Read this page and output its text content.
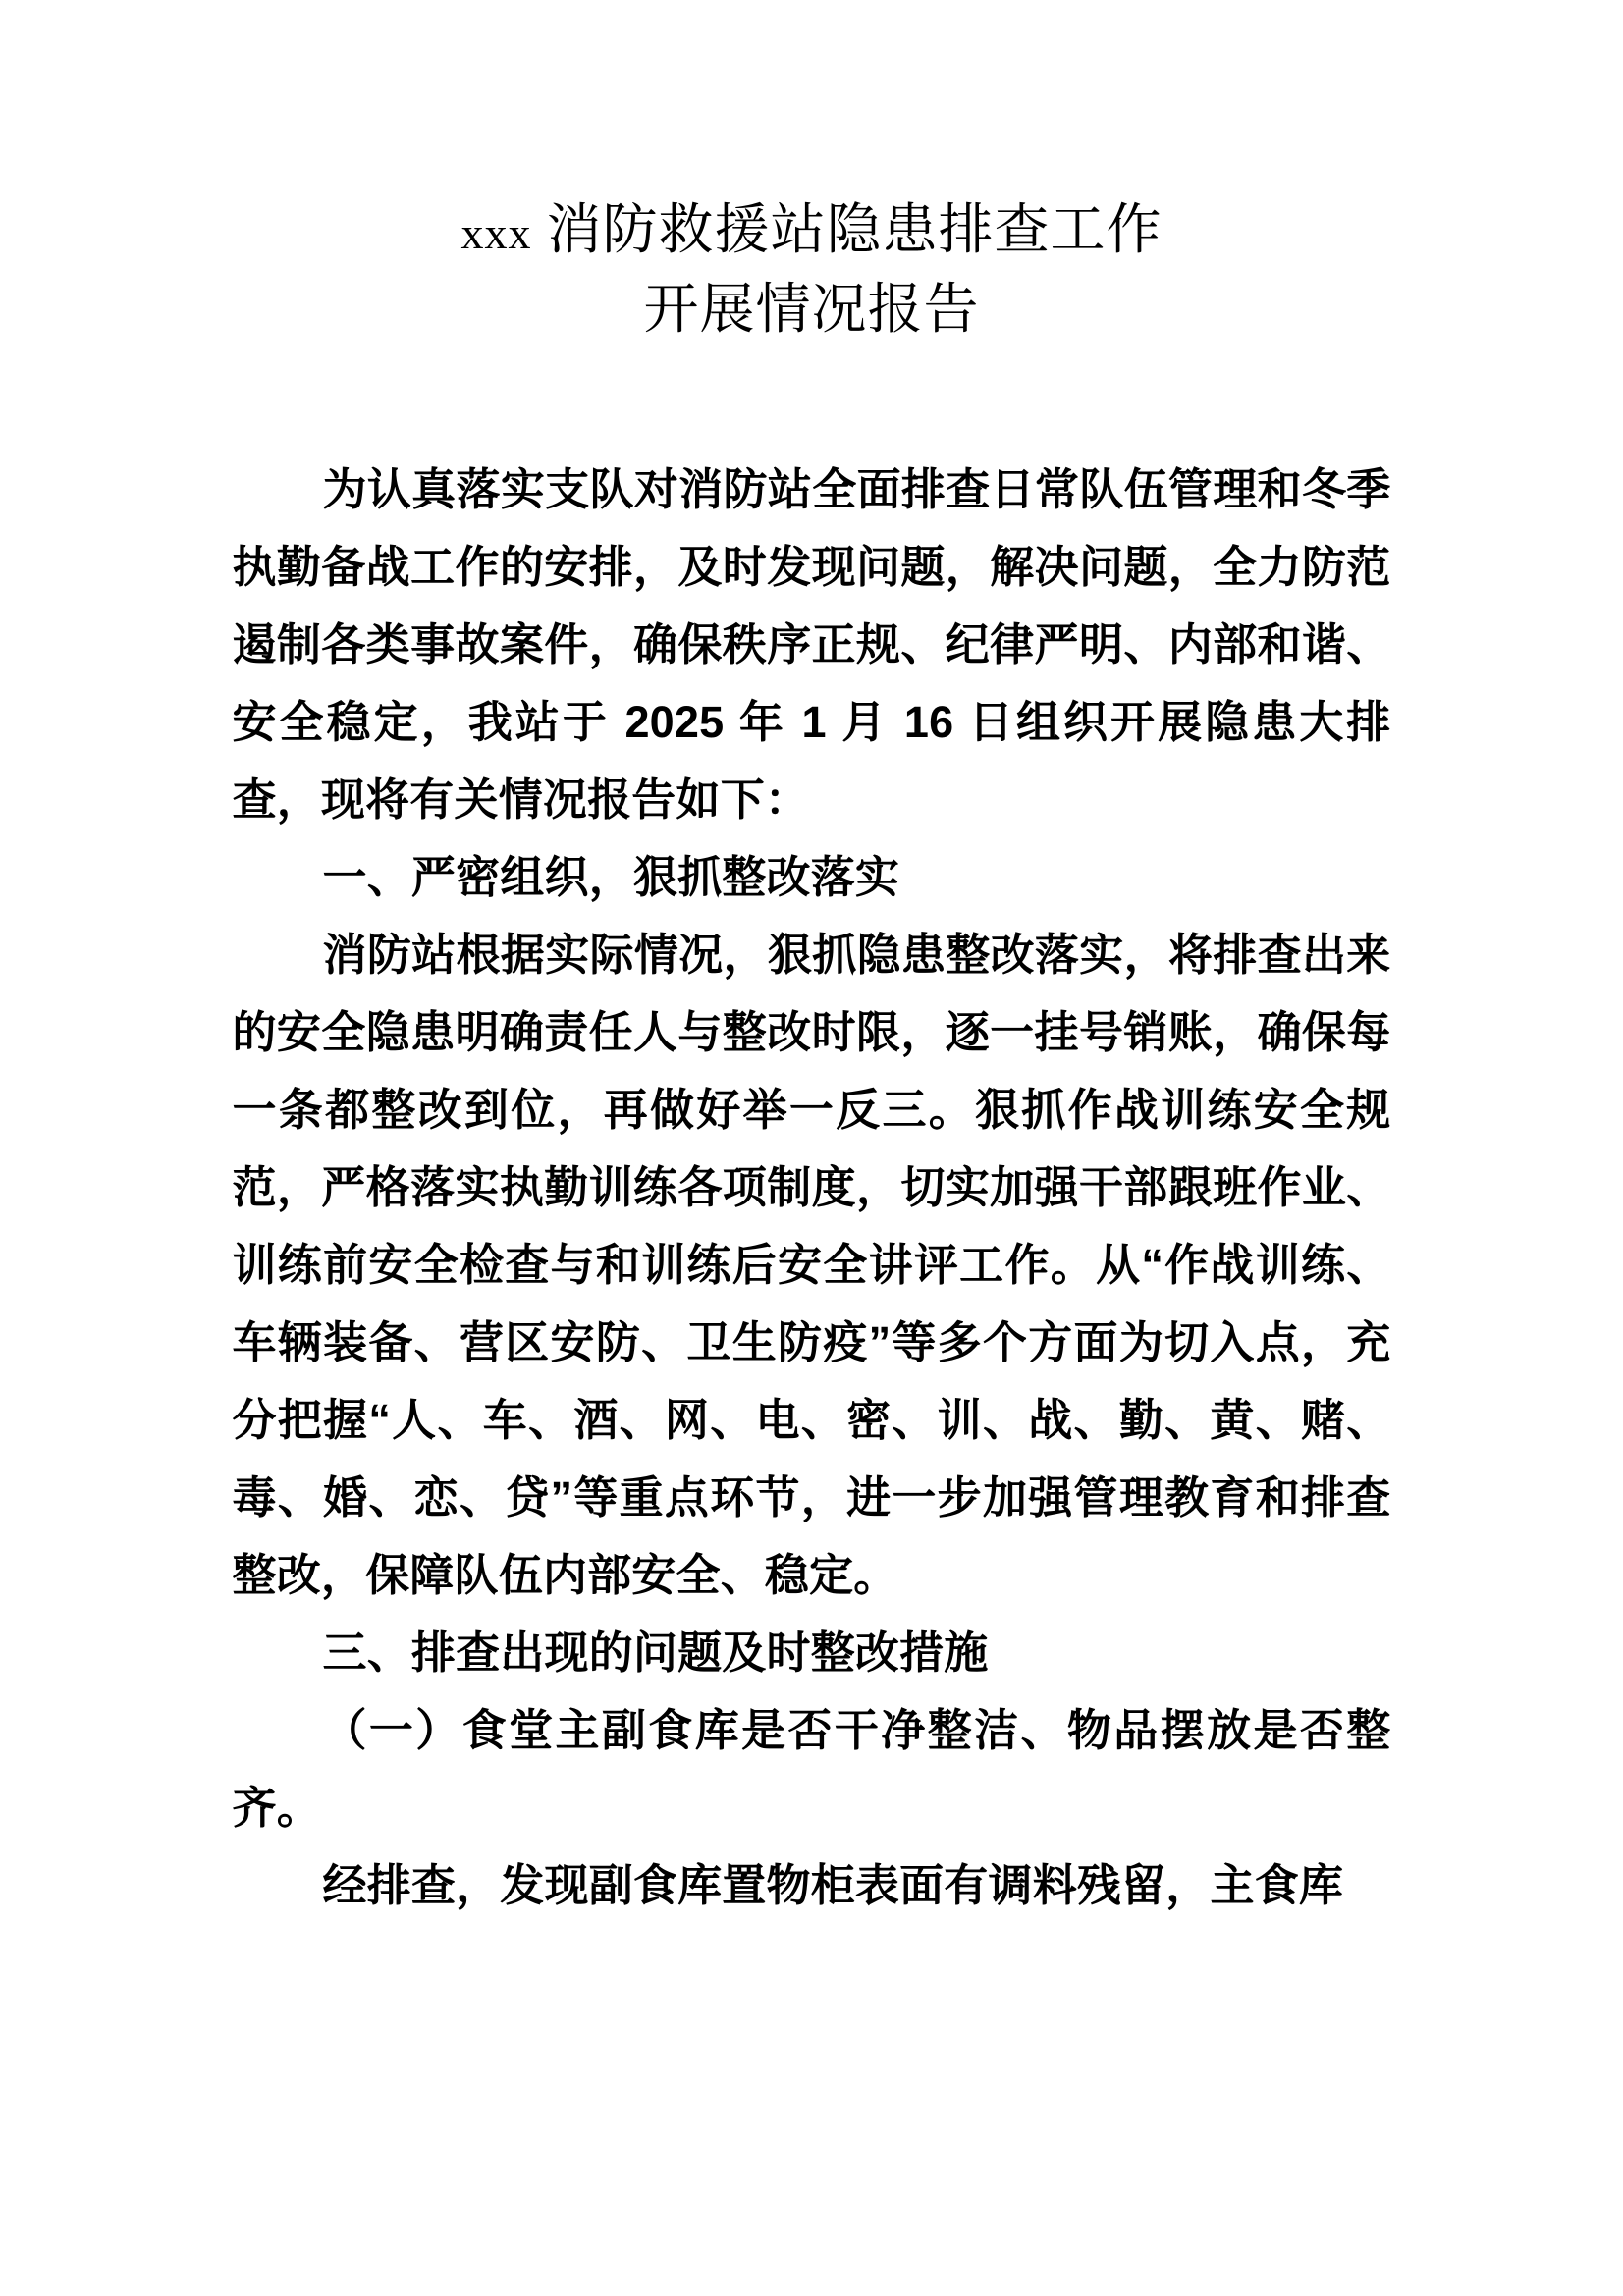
xxx 消防救援站隐患排查工作
开展情况报告

为认真落实支队对消防站全面排查日常队伍管理和冬季执勤备战工作的安排，及时发现问题，解决问题，全力防范遏制各类事故案件，确保秩序正规、纪律严明、内部和谐、安全稳定，我站于 2025 年 1 月 16 日组织开展隐患大排查，现将有关情况报告如下：

一、严密组织，狠抓整改落实

消防站根据实际情况，狠抓隐患整改落实，将排查出来的安全隐患明确责任人与整改时限，逐一挂号销账，确保每一条都整改到位，再做好举一反三。狠抓作战训练安全规范，严格落实执勤训练各项制度，切实加强干部跟班作业、训练前安全检查与和训练后安全讲评工作。从“作战训练、车辆装备、营区安防、卫生防疫”等多个方面为切入点，充分把握“人、车、酒、网、电、密、训、战、勤、黄、赌、毒、婚、恋、贷”等重点环节，进一步加强管理教育和排查整改，保障队伍内部安全、稳定。

三、排查出现的问题及时整改措施

（一）食堂主副食库是否干净整洁、物品摆放是否整齐。

经排查，发现副食库置物柜表面有调料残留，主食库
